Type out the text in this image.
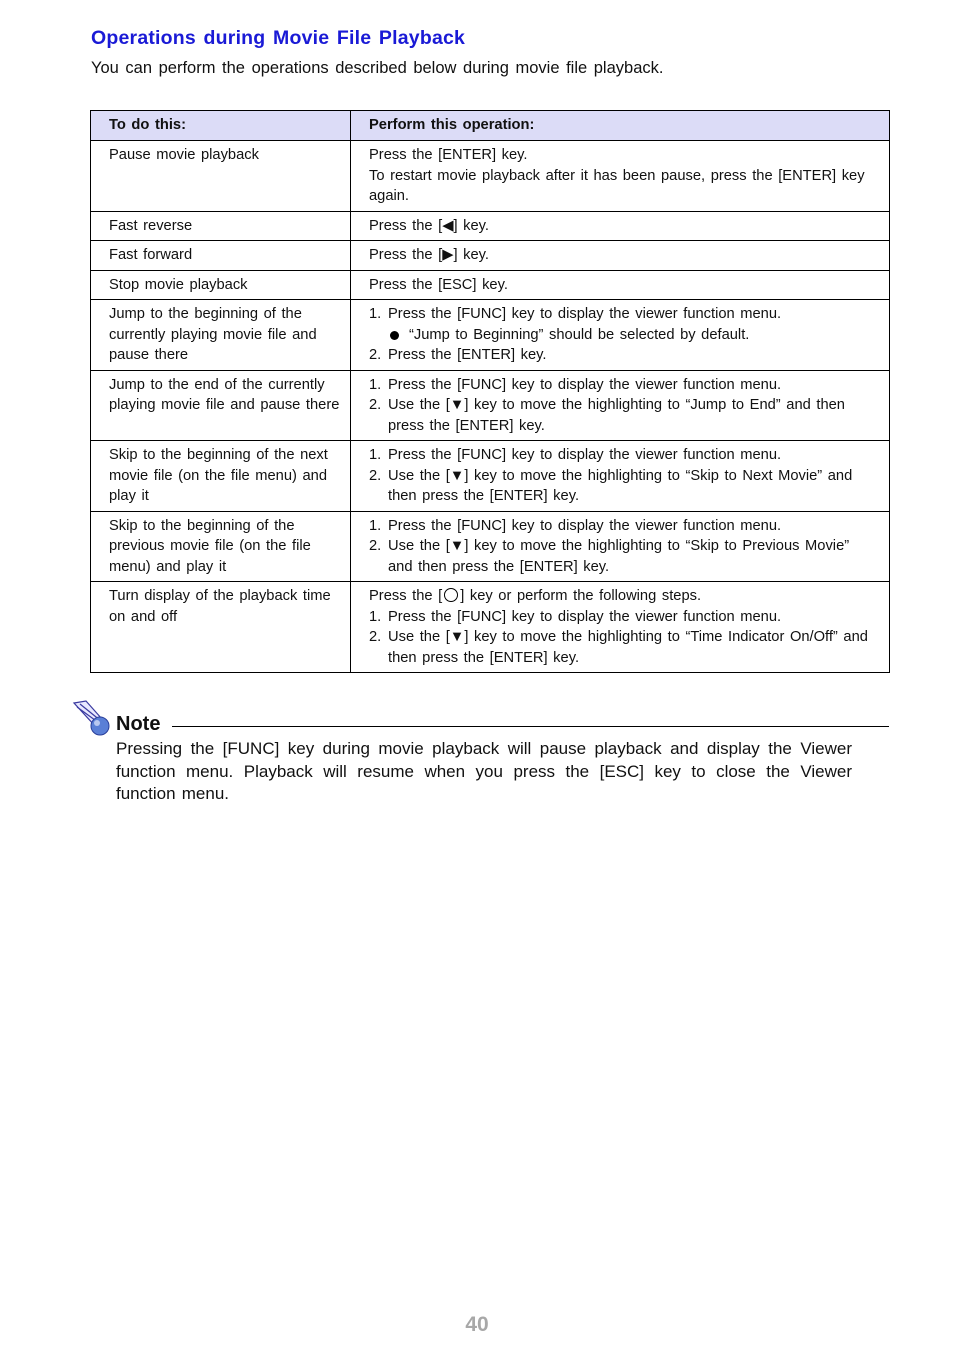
Operations during Movie File Playback
You can perform the operations described below during movie file playback.
To do this:	Perform this operation:
Pause movie playback	Press the [ENTER] key.
To restart movie playback after it has been pause, press the [ENTER] key again.

Fast reverse	Press the [◀] key.
Fast forward	Press the [▶] key.
Stop movie playback	Press the [ESC] key.

Jump to the beginning of the currently playing movie file and pause there	1. Press the [FUNC] key to display the viewer function menu.
“Jump to Beginning” should be selected by default.
2. Press the [ENTER] key.

Jump to the end of the currently playing movie file and pause there	1. Press the [FUNC] key to display the viewer function menu.
2. Use the [▼] key to move the highlighting to “Jump to End” and then press the [ENTER] key.

Skip to the beginning of the next movie file (on the file menu) and play it	1. Press the [FUNC] key to display the viewer function menu.
2. Use the [▼] key to move the highlighting to “Skip to Next Movie” and then press the [ENTER] key.

Skip to the beginning of the previous movie file (on the file menu) and play it	1. Press the [FUNC] key to display the viewer function menu.
2. Use the [▼] key to move the highlighting to “Skip to Previous Movie” and then press the [ENTER] key.

Turn display of the playback time on and off	Press the [ ] key or perform the following steps.
1. Press the [FUNC] key to display the viewer function menu.
2. Use the [▼] key to move the highlighting to “Time Indicator On/Off” and then press the [ENTER] key.
Note
Pressing the [FUNC] key during movie playback will pause playback and display the Viewer function menu. Playback will resume when you press the [ESC] key to close the Viewer function menu.
40
